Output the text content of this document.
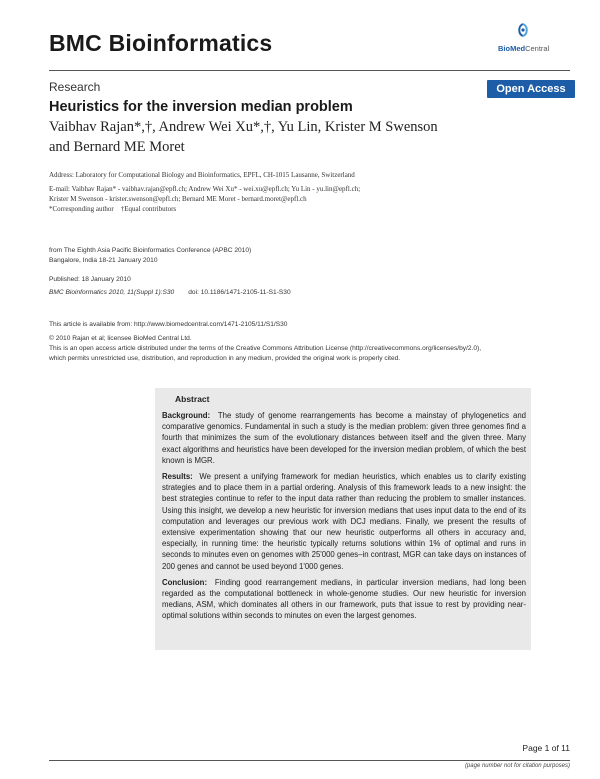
BMC Bioinformatics	BioMedCentral
Research	Open Access
Heuristics for the inversion median problem
Vaibhav Rajan*,†, Andrew Wei Xu*,†, Yu Lin, Krister M Swenson
and Bernard ME Moret

Address: Laboratory for Computational Biology and Bioinformatics, EPFL, CH-1015 Lausanne, Switzerland

E-mail: Vaibhav Rajan* - vaibhav.rajan@epfl.ch; Andrew Wei Xu* - wei.xu@epfl.ch; Yu Lin - yu.lin@epfl.ch;

Krister M Swenson - krister.swenson@epfl.ch; Bernard ME Moret - bernard.moret@epfl.ch

*Corresponding author †Equal contributors

from The Eighth Asia Pacific Bioinformatics Conference (APBC 2010)

Bangalore, India 18-21 January 2010

Published: 18 January 2010

BMC Bioinformatics 2010, 11(Suppl 1):S30 doi: 10.1186/1471-2105-11-S1-S30

This article is available from: http://www.biomedcentral.com/1471-2105/11/S1/S30

© 2010 Rajan et al; licensee BioMed Central Ltd.

This is an open access article distributed under the terms of the Creative Commons Attribution License (http://creativecommons.org/licenses/by/2.0),

which permits unrestricted use, distribution, and reproduction in any medium, provided the original work is properly cited.

Abstract

Background: The study of genome rearrangements has become a mainstay of phylogenetics and comparative genomics. Fundamental in such a study is the median problem: given three genomes find a fourth that minimizes the sum of the evolutionary distances between itself and the given three. Many exact algorithms and heuristics have been developed for the inversion median problem, of which the best known is MGR.

Results: We present a unifying framework for median heuristics, which enables us to clarify existing strategies and to place them in a partial ordering. Analysis of this framework leads to a new insight: the best strategies continue to refer to the input data rather than reducing the problem to smaller instances. Using this insight, we develop a new heuristic for inversion medians that uses input data to the end of its computation and leverages our previous work with DCJ medians. Finally, we present the results of extensive experimentation showing that our new heuristic outperforms all others in accuracy and, especially, in running time: the heuristic typically returns solutions within 1% of optimal and runs in seconds to minutes even on genomes with 25'000 genes–in contrast, MGR can take days on instances of 200 genes and cannot be used beyond 1'000 genes.

Conclusion: Finding good rearrangement medians, in particular inversion medians, had long been regarded as the computational bottleneck in whole-genome studies. Our new heuristic for inversion medians, ASM, which dominates all others in our framework, puts that issue to rest by providing near-optimal solutions within seconds to minutes on even the largest genomes.

Page 1 of 11
(page number not for citation purposes)
